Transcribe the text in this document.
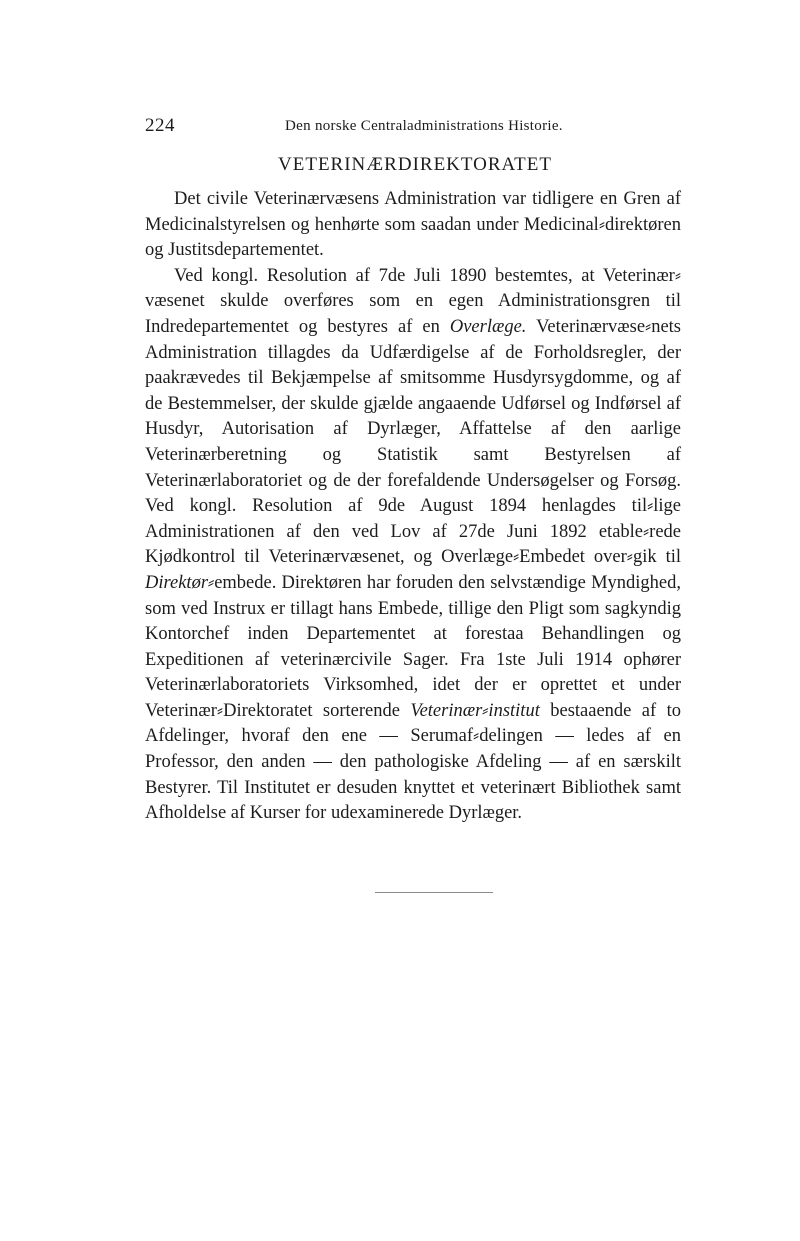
224	Den norske Centraladministrations Historie.
VETERINÆRDIREKTORATET

Det civile Veterinærvæsens Administration var tidligere en Gren af Medicinalstyrelsen og henhørte som saadan under Medicinal⸗direktøren og Justitsdepartementet.

Ved kongl. Resolution af 7de Juli 1890 bestemtes, at Veterinær⸗væsenet skulde overføres som en egen Administrationsgren til Indredepartementet og bestyres af en Overlæge. Veterinærvæse⸗nets Administration tillagdes da Udfærdigelse af de Forholdsregler, der paakrævedes til Bekjæmpelse af smitsomme Husdyrsygdomme, og af de Bestemmelser, der skulde gjælde angaaende Udførsel og Indførsel af Husdyr, Autorisation af Dyrlæger, Affattelse af den aarlige Veterinærberetning og Statistik samt Bestyrelsen af Veterinærlaboratoriet og de der forefaldende Undersøgelser og Forsøg. Ved kongl. Resolution af 9de August 1894 henlagdes til⸗lige Administrationen af den ved Lov af 27de Juni 1892 etable⸗rede Kjødkontrol til Veterinærvæsenet, og Overlæge⸗Embedet over⸗gik til Direktør⸗embede. Direktøren har foruden den selvstændige Myndighed, som ved Instrux er tillagt hans Embede, tillige den Pligt som sagkyndig Kontorchef inden Departementet at forestaa Behandlingen og Expeditionen af veterinærcivile Sager. Fra 1ste Juli 1914 ophører Veterinærlaboratoriets Virksomhed, idet der er oprettet et under Veterinær⸗Direktoratet sorterende Veterinær⸗institut bestaaende af to Afdelinger, hvoraf den ene — Serumaf⸗delingen — ledes af en Professor, den anden — den pathologiske Afdeling — af en særskilt Bestyrer. Til Institutet er desuden knyttet et veterinært Bibliothek samt Afholdelse af Kurser for udexaminerede Dyrlæger.
